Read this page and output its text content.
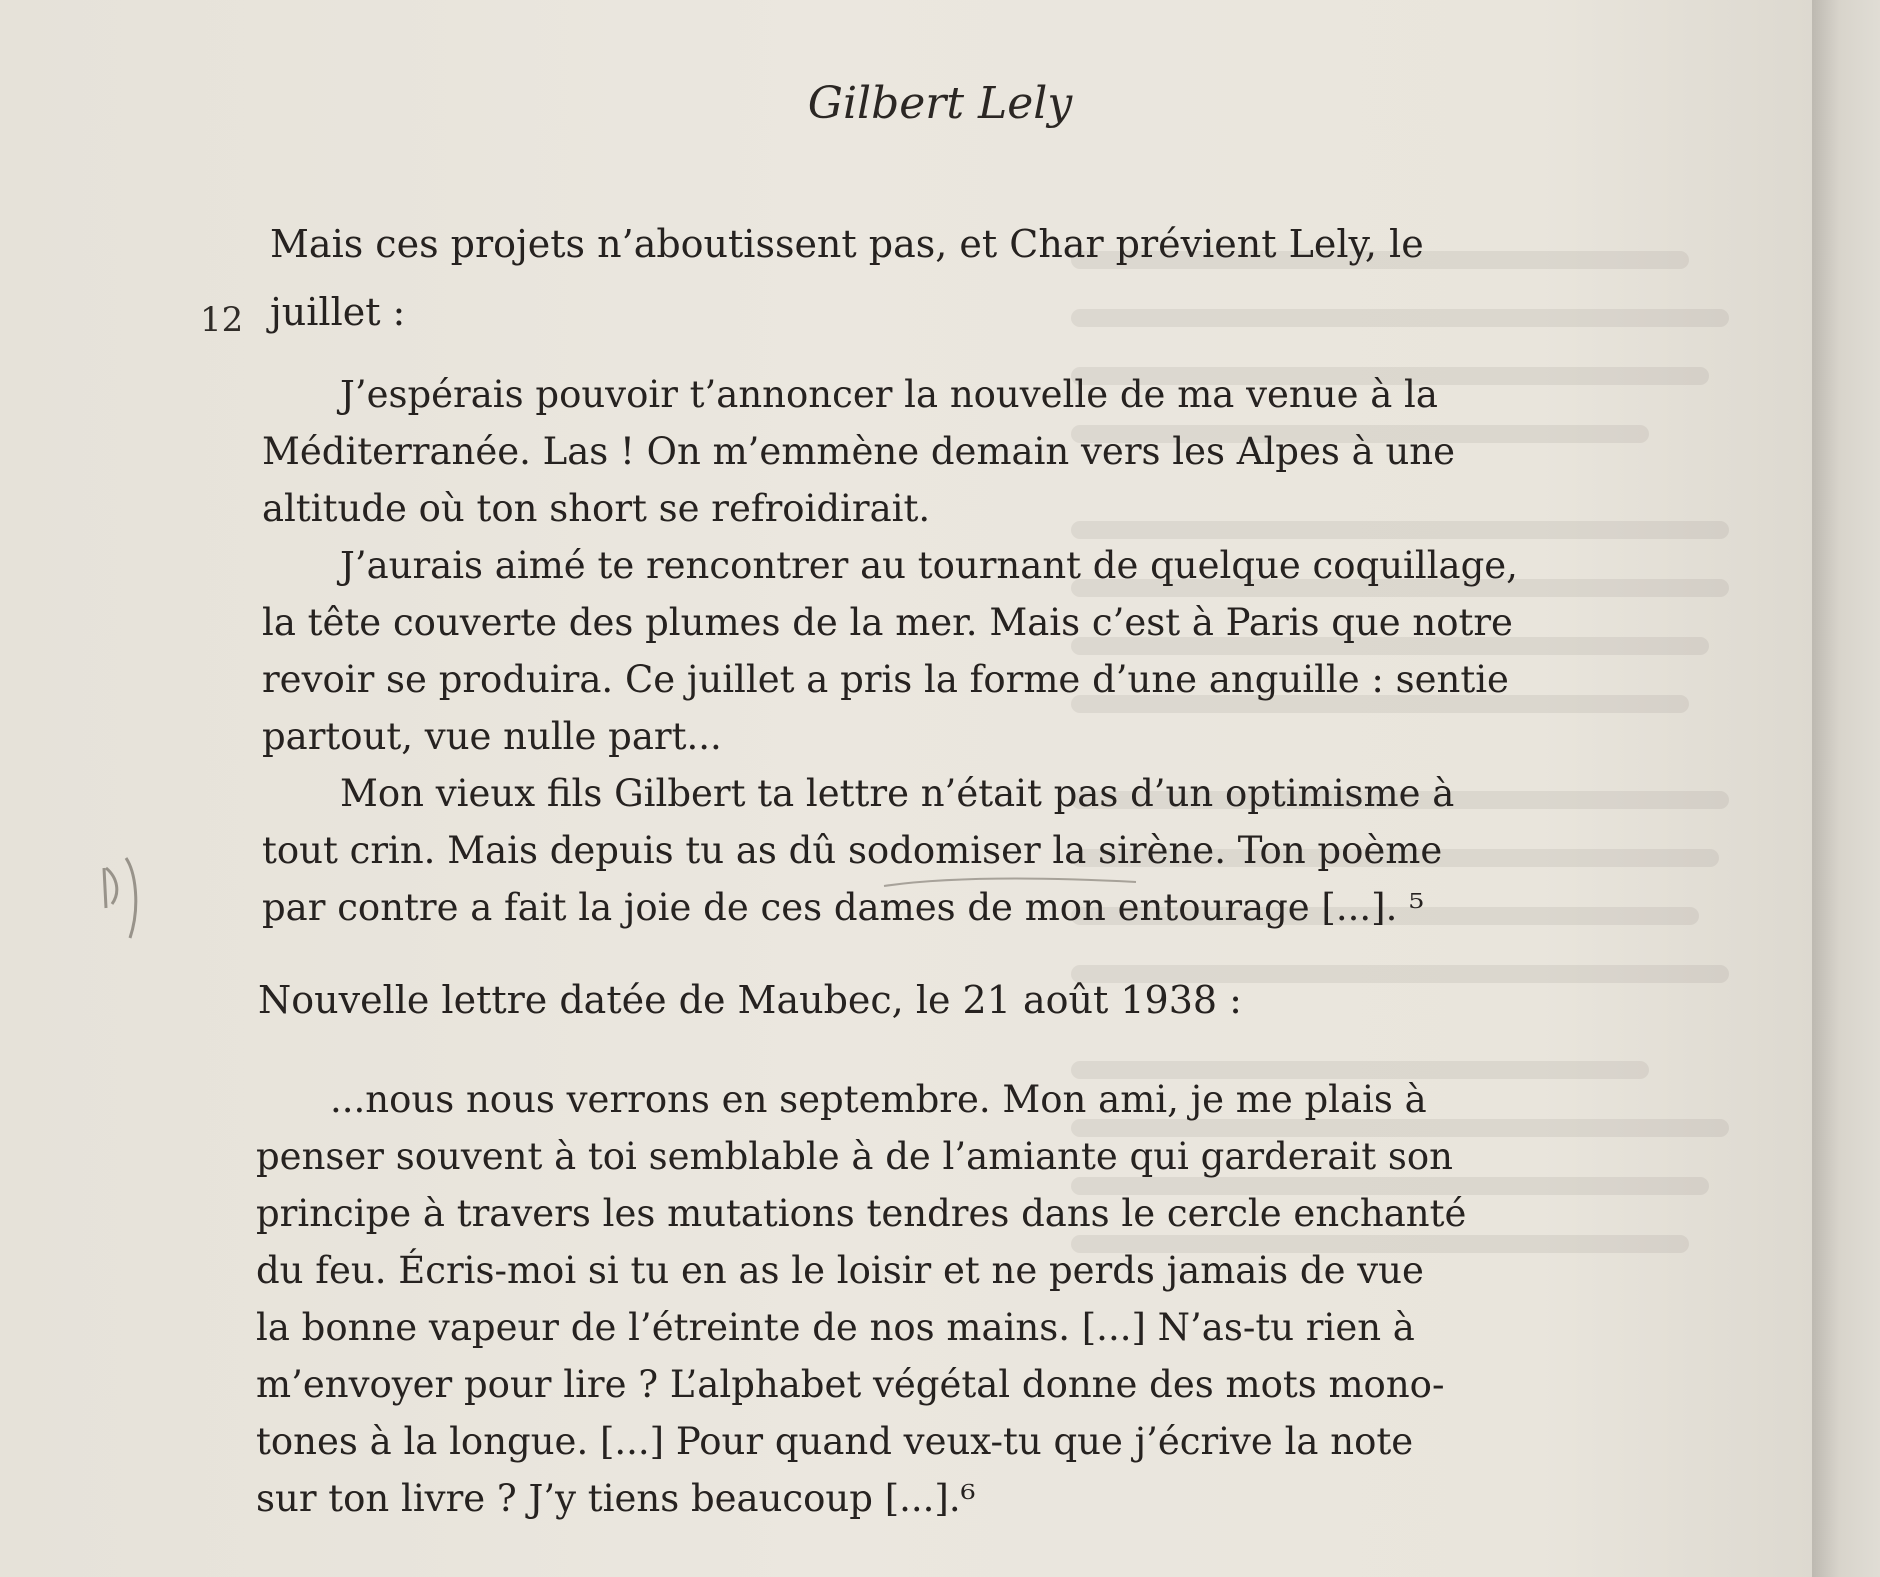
Gilbert Lely
12
Mais ces projets n’aboutissent pas, et Char prévient Lely, le
juillet :
J’espérais pouvoir t’annoncer la nouvelle de ma venue à la
Méditerranée. Las ! On m’emmène demain vers les Alpes à une
altitude où ton short se refroidirait.
J’aurais aimé te rencontrer au tournant de quelque coquillage,
la tête couverte des plumes de la mer. Mais c’est à Paris que notre
revoir se produira. Ce juillet a pris la forme d’une anguille : sentie
partout, vue nulle part...
Mon vieux fils Gilbert ta lettre n’était pas d’un optimisme à
tout crin. Mais depuis tu as dû sodomiser la sirène. Ton poème
par contre a fait la joie de ces dames de mon entourage [...]. ⁵
Nouvelle lettre datée de Maubec, le 21 août 1938 :
...nous nous verrons en septembre. Mon ami, je me plais à
penser souvent à toi semblable à de l’amiante qui garderait son
principe à travers les mutations tendres dans le cercle enchanté
du feu. Écris-moi si tu en as le loisir et ne perds jamais de vue
la bonne vapeur de l’étreinte de nos mains. [...] N’as-tu rien à
m’envoyer pour lire ? L’alphabet végétal donne des mots mono-
tones à la longue. [...] Pour quand veux-tu que j’écrive la note
sur ton livre ? J’y tiens beaucoup [...].⁶
